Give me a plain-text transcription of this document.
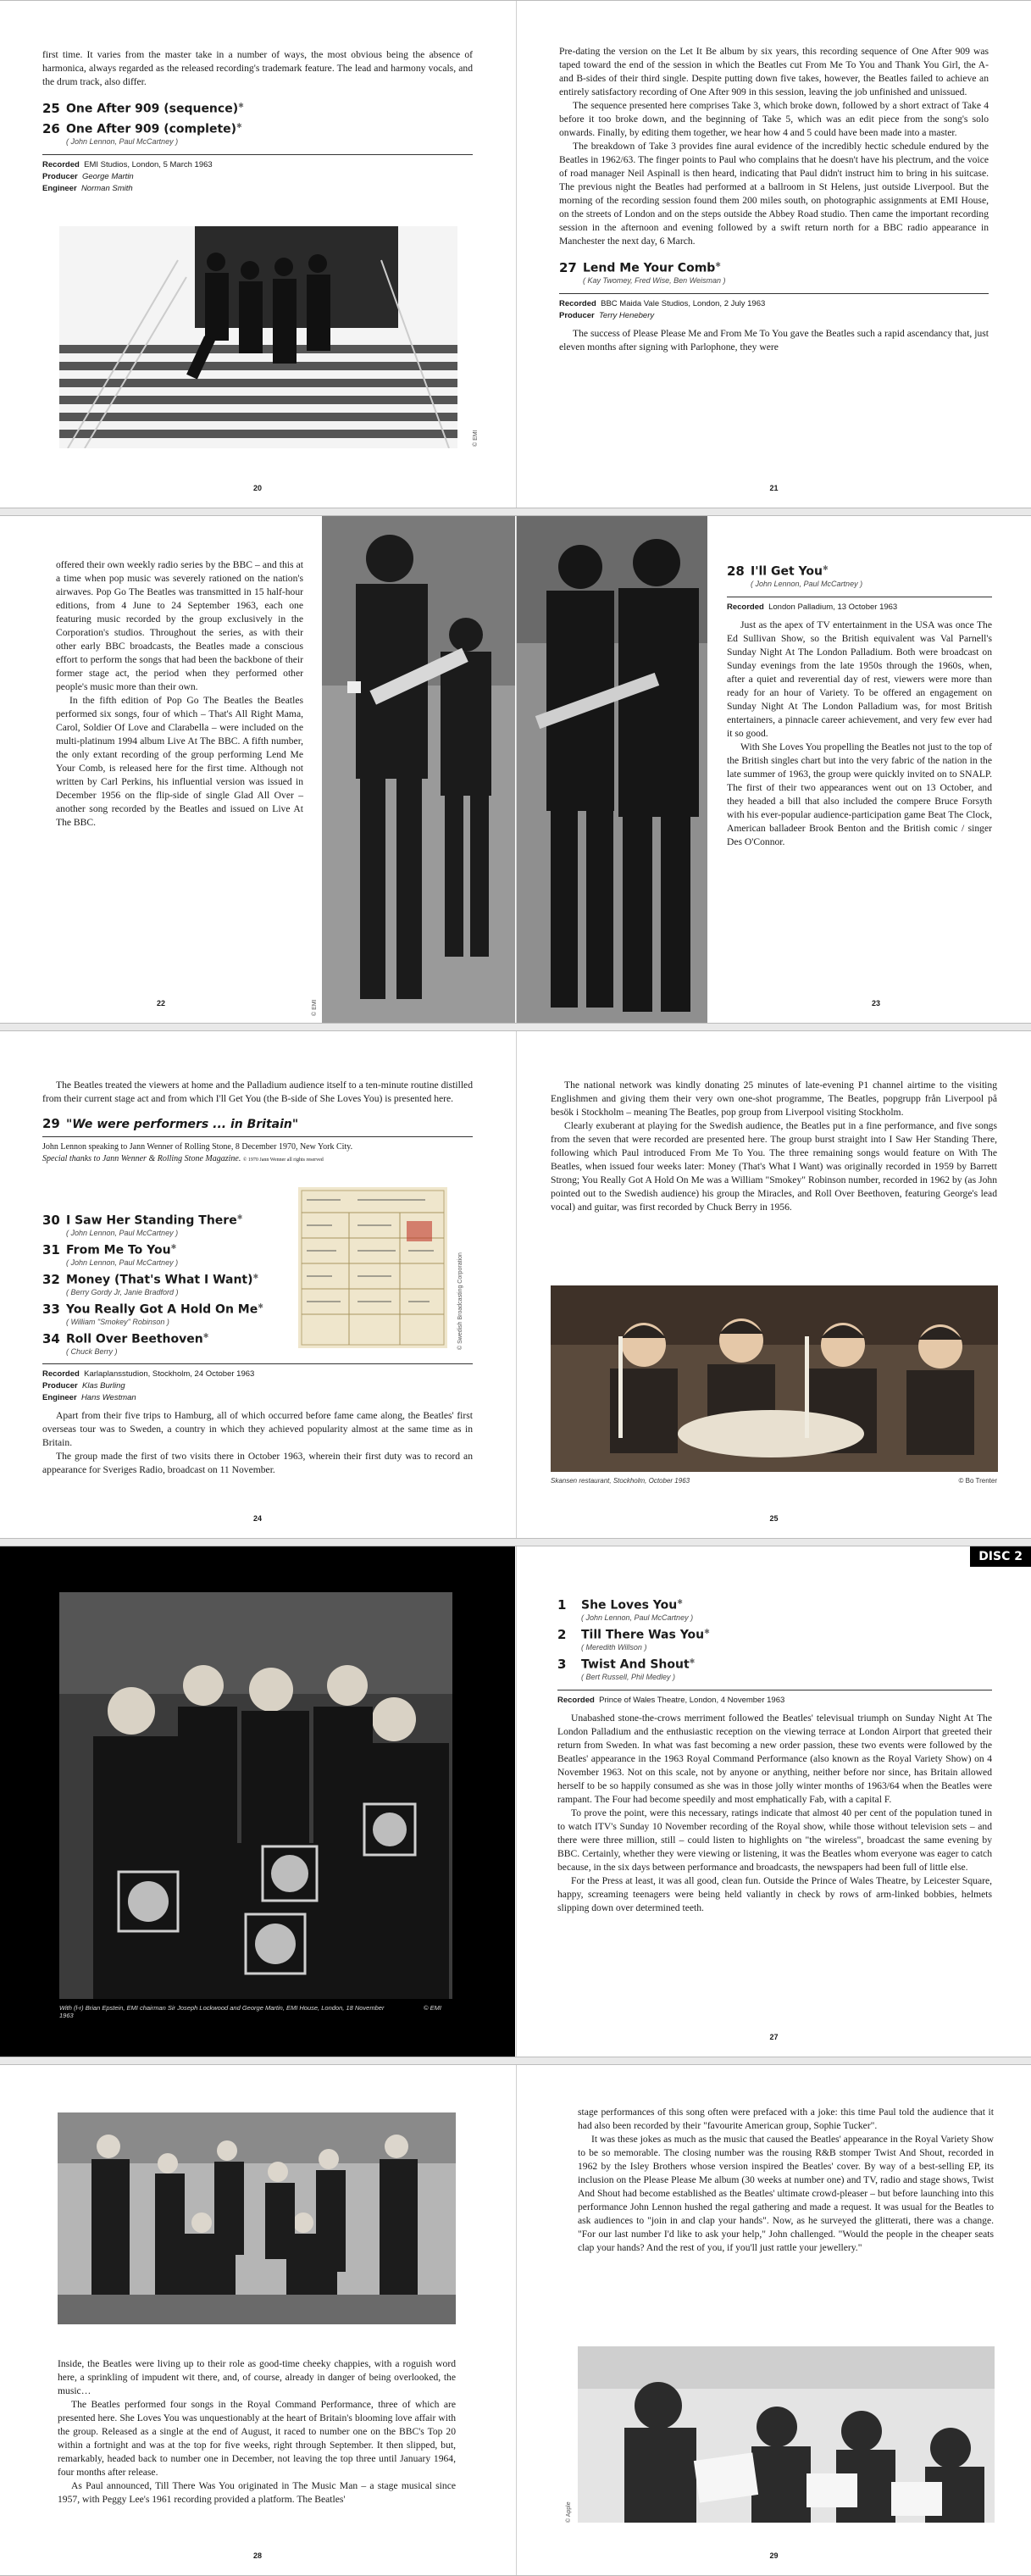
first time. It varies from the master take in a number of ways, the most obvious being the absence of harmonica, always regarded as the released recording's trademark feature. The lead and harmony vocals, and the drum track, also differ.

25 One After 909 (sequence)✱
26 One After 909 (complete)✱
( John Lennon, Paul McCartney )
Recorded EMI Studios, London, 5 March 1963
Producer George Martin
Engineer Norman Smith
© EMI
20

Pre-dating the version on the Let It Be album by six years, this recording sequence of One After 909 was taped toward the end of the session in which the Beatles cut From Me To You and Thank You Girl, the A- and B-sides of their third single. Despite putting down five takes, however, the Beatles failed to achieve an entirely satisfactory recording of One After 909 in this session, leaving the job unfinished and unissued.

The sequence presented here comprises Take 3, which broke down, followed by a short extract of Take 4 before it too broke down, and the beginning of Take 5, which was an edit piece from the song's solo onwards. Finally, by editing them together, we hear how 4 and 5 could have been made into a master.

The breakdown of Take 3 provides fine aural evidence of the incredibly hectic schedule endured by the Beatles in 1962/63. The finger points to Paul who complains that he doesn't have his plectrum, and the voice of road manager Neil Aspinall is then heard, indicating that Paul didn't instruct him to bring in his suitcase. The previous night the Beatles had performed at a ballroom in St Helens, just outside Liverpool. But the morning of the recording session found them 200 miles south, on photographic assignments at EMI House, on the streets of London and on the steps outside the Abbey Road studio. Then came the important recording session in the afternoon and evening followed by a swift return north for a BBC radio appearance in Manchester the next day, 6 March.

27 Lend Me Your Comb✱
( Kay Twomey, Fred Wise, Ben Weisman )
Recorded BBC Maida Vale Studios, London, 2 July 1963
Producer Terry Henebery

The success of Please Please Me and From Me To You gave the Beatles such a rapid ascendancy that, just eleven months after signing with Parlophone, they were

21

offered their own weekly radio series by the BBC – and this at a time when pop music was severely rationed on the nation's airwaves. Pop Go The Beatles was transmitted in 15 half-hour editions, from 4 June to 24 September 1963, each one featuring music recorded by the group exclusively in the Corporation's studios. Throughout the series, as with their other early BBC broadcasts, the Beatles made a conscious effort to perform the songs that had been the backbone of their former stage act, the period when they performed other people's music more than their own.

In the fifth edition of Pop Go The Beatles the Beatles performed six songs, four of which – That's All Right Mama, Carol, Soldier Of Love and Clarabella – were included on the multi-platinum 1994 album Live At The BBC. A fifth number, the only extant recording of the group performing Lend Me Your Comb, is released here for the first time. Although not written by Carl Perkins, his influential version was issued in December 1956 on the flip-side of single Glad All Over – another song recorded by the Beatles and issued on Live At The BBC.

© EMI
22
28 I'll Get You✱
( John Lennon, Paul McCartney )
Recorded London Palladium, 13 October 1963

Just as the apex of TV entertainment in the USA was once The Ed Sullivan Show, so the British equivalent was Val Parnell's Sunday Night At The London Palladium. Both were broadcast on Sunday evenings from the late 1950s through the 1960s, when, after a quiet and reverential day of rest, viewers were more than ready for an hour of Variety. To be offered an engagement on Sunday Night At The London Palladium was, for most British entertainers, a pinnacle career achievement, and very few ever had it so good.

With She Loves You propelling the Beatles not just to the top of the British singles chart but into the very fabric of the nation in the late summer of 1963, the group were quickly invited on to SNALP. The first of their two appearances went out on 13 October, and they headed a bill that also included the compere Bruce Forsyth with his ever-popular audience-participation game Beat The Clock, American balladeer Brook Benton and the British comic / singer Des O'Connor.

23

The Beatles treated the viewers at home and the Palladium audience itself to a ten-minute routine distilled from their current stage act and from which I'll Get You (the B-side of She Loves You) is presented here.

29 "We were performers ... in Britain"
John Lennon speaking to Jann Wenner of Rolling Stone, 8 December 1970, New York City.
Special thanks to Jann Wenner & Rolling Stone Magazine. © 1970 Jann Wenner all rights reserved
30 I Saw Her Standing There✱
( John Lennon, Paul McCartney )
31 From Me To You✱
( John Lennon, Paul McCartney )
32 Money (That's What I Want)✱
( Berry Gordy Jr, Janie Bradford )
33 You Really Got A Hold On Me✱
( William "Smokey" Robinson )
34 Roll Over Beethoven✱
( Chuck Berry )
© Swedish Broadcasting Corporation
Recorded Karlaplansstudion, Stockholm, 24 October 1963
Producer Klas Burling
Engineer Hans Westman

Apart from their five trips to Hamburg, all of which occurred before fame came along, the Beatles' first overseas tour was to Sweden, a country in which they achieved popularity almost at the same time as in Britain.

The group made the first of two visits there in October 1963, wherein their first duty was to record an appearance for Sveriges Radio, broadcast on 11 November.

24

The national network was kindly donating 25 minutes of late-evening P1 channel airtime to the visiting Englishmen and giving them their very own one-shot programme, The Beatles, popgrupp från Liverpool på besök i Stockholm – meaning The Beatles, pop group from Liverpool visiting Stockholm.

Clearly exuberant at playing for the Swedish audience, the Beatles put in a fine performance, and five songs from the seven that were recorded are presented here. The group burst straight into I Saw Her Standing There, following which Paul introduced From Me To You. The three remaining songs would feature on With The Beatles, when issued four weeks later: Money (That's What I Want) was originally recorded in 1959 by Barrett Strong; You Really Got A Hold On Me was a William "Smokey" Robinson number, recorded in 1962 by (as John pointed out to the Swedish audience) his group the Miracles, and Roll Over Beethoven, featuring George's lead vocal) and guitar, was first recorded by Chuck Berry in 1956.

Skansen restaurant, Stockholm, October 1963	© Bo Trenter
25
With (l-r) Brian Epstein, EMI chairman Sir Joseph Lockwood and George Martin, EMI House, London, 18 November 1963
© EMI
DISC 2
1	She Loves You✱
( John Lennon, Paul McCartney )
2	Till There Was You✱
( Meredith Willson )
3	Twist And Shout✱
( Bert Russell, Phil Medley )
Recorded Prince of Wales Theatre, London, 4 November 1963

Unabashed stone-the-crows merriment followed the Beatles' televisual triumph on Sunday Night At The London Palladium and the enthusiastic reception on the viewing terrace at London Airport that greeted their return from Sweden. In what was fast becoming a new order passion, these two events were followed by the Beatles' appearance in the 1963 Royal Command Performance (also known as the Royal Variety Show) on 4 November 1963. Not on this scale, not by anyone or anything, neither before nor since, has Britain allowed herself to be so happily consumed as she was in those jolly winter months of 1963/64 when the Beatles were rampant. The Four had become speedily and most emphatically Fab, with a capital F.

To prove the point, were this necessary, ratings indicate that almost 40 per cent of the population tuned in to watch ITV's Sunday 10 November recording of the Royal show, while those without television sets – and there were three million, still – could listen to highlights on "the wireless", broadcast the same evening by BBC. Certainly, whether they were viewing or listening, it was the Beatles whom everyone was eager to catch because, in the six days between performance and broadcasts, the newspapers had been full of little else.

For the Press at least, it was all good, clean fun. Outside the Prince of Wales Theatre, by Leicester Square, happy, screaming teenagers were being held valiantly in check by rows of arm-linked bobbies, helmets slipping down over determined teeth.

27

Inside, the Beatles were living up to their role as good-time cheeky chappies, with a roguish word here, a sprinkling of impudent wit there, and, of course, already in danger of being overlooked, the music…

The Beatles performed four songs in the Royal Command Performance, three of which are presented here. She Loves You was unquestionably at the heart of Britain's blooming love affair with the group. Released as a single at the end of August, it raced to number one on the BBC's Top 20 within a fortnight and was at the top for five weeks, right through September. It then slipped, but, remarkably, headed back to number one in December, not leaving the top three until January 1964, four months after release.

As Paul announced, Till There Was You originated in The Music Man – a stage musical since 1957, with Peggy Lee's 1961 recording provided a platform. The Beatles'

28

stage performances of this song often were prefaced with a joke: this time Paul told the audience that it had also been recorded by their "favourite American group, Sophie Tucker".

It was these jokes as much as the music that caused the Beatles' appearance in the Royal Variety Show to be so memorable. The closing number was the rousing R&B stomper Twist And Shout, recorded in 1962 by the Isley Brothers whose version inspired the Beatles' cover. By way of a best-selling EP, its inclusion on the Please Please Me album (30 weeks at number one) and TV, radio and stage shows, Twist And Shout had become established as the Beatles' ultimate crowd-pleaser – but before launching into this performance John Lennon hushed the regal gathering and made a request. It was usual for the Beatles to ask audiences to "join in and clap your hands". Now, as he surveyed the glitterati, there was a change. "For our last number I'd like to ask your help," John challenged. "Would the people in the cheaper seats clap your hands? And the rest of you, if you'll just rattle your jewellery."

© Apple
29
